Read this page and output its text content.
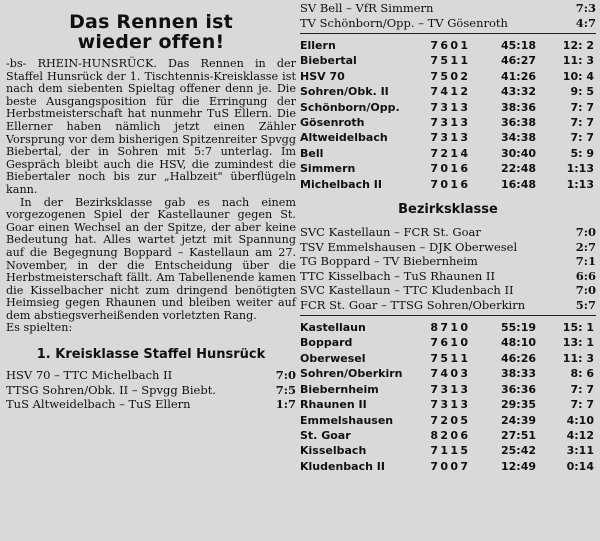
Das Rennen ist
wieder offen!

-bs- RHEIN-HUNSRÜCK. Das Rennen in der Staffel Hunsrück der 1. Tischtennis-Kreisklasse ist nach dem siebenten Spieltag offener denn je. Die beste Ausgangsposition für die Erringung der Herbstmeisterschaft hat nunmehr TuS Ellern. Die Ellerner haben nämlich jetzt einen Zähler Vorsprung vor dem bisherigen Spitzenreiter Spvgg Biebertal, der in Sohren mit 5:7 unterlag. Im Gespräch bleibt auch die HSV, die zumindest die Biebertaler noch bis zur „Halbzeit" überflügeln kann.

In der Bezirksklasse gab es nach einem vorgezogenen Spiel der Kastellauner gegen St. Goar einen Wechsel an der Spitze, der aber keine Bedeutung hat. Alles wartet jetzt mit Spannung auf die Begegnung Boppard – Kastellaun am 27. November, in der die Entscheidung über die Herbstmeisterschaft fällt. Am Tabellenende kamen die Kisselbacher nicht zum dringend benötigten Heimsieg gegen Rhaunen und bleiben weiter auf dem abstiegsverheißenden vorletzten Rang.

Es spielten:

1. Kreisklasse Staffel Hunsrück
HSV 70 – TTC Michelbach II	7:0
TTSG Sohren/Obk. II – Spvgg Biebt.	7:5
TuS Altweidelbach – TuS Ellern	1:7
SV Bell – VfR Simmern	7:3
TV Schönborn/Opp. – TV Gösenroth	4:7
Ellern	7 6 0 1	45:18	12: 2
Biebertal	7 5 1 1	46:27	11: 3
HSV 70	7 5 0 2	41:26	10: 4
Sohren/Obk. II	7 4 1 2	43:32	9: 5
Schönborn/Opp.	7 3 1 3	38:36	7: 7
Gösenroth	7 3 1 3	36:38	7: 7
Altweidelbach	7 3 1 3	34:38	7: 7
Bell	7 2 1 4	30:40	5: 9
Simmern	7 0 1 6	22:48	1:13
Michelbach II	7 0 1 6	16:48	1:13
Bezirksklasse
SVC Kastellaun – FCR St. Goar	7:0
TSV Emmelshausen – DJK Oberwesel	2:7
TG Boppard – TV Biebernheim	7:1
TTC Kisselbach – TuS Rhaunen II	6:6
SVC Kastellaun – TTC Kludenbach II	7:0
FCR St. Goar – TTSG Sohren/Oberkirn	5:7
Kastellaun	8 7 1 0	55:19	15: 1
Boppard	7 6 1 0	48:10	13: 1
Oberwesel	7 5 1 1	46:26	11: 3
Sohren/Oberkirn	7 4 0 3	38:33	8: 6
Biebernheim	7 3 1 3	36:36	7: 7
Rhaunen II	7 3 1 3	29:35	7: 7
Emmelshausen	7 2 0 5	24:39	4:10
St. Goar	8 2 0 6	27:51	4:12
Kisselbach	7 1 1 5	25:42	3:11
Kludenbach II	7 0 0 7	12:49	0:14
